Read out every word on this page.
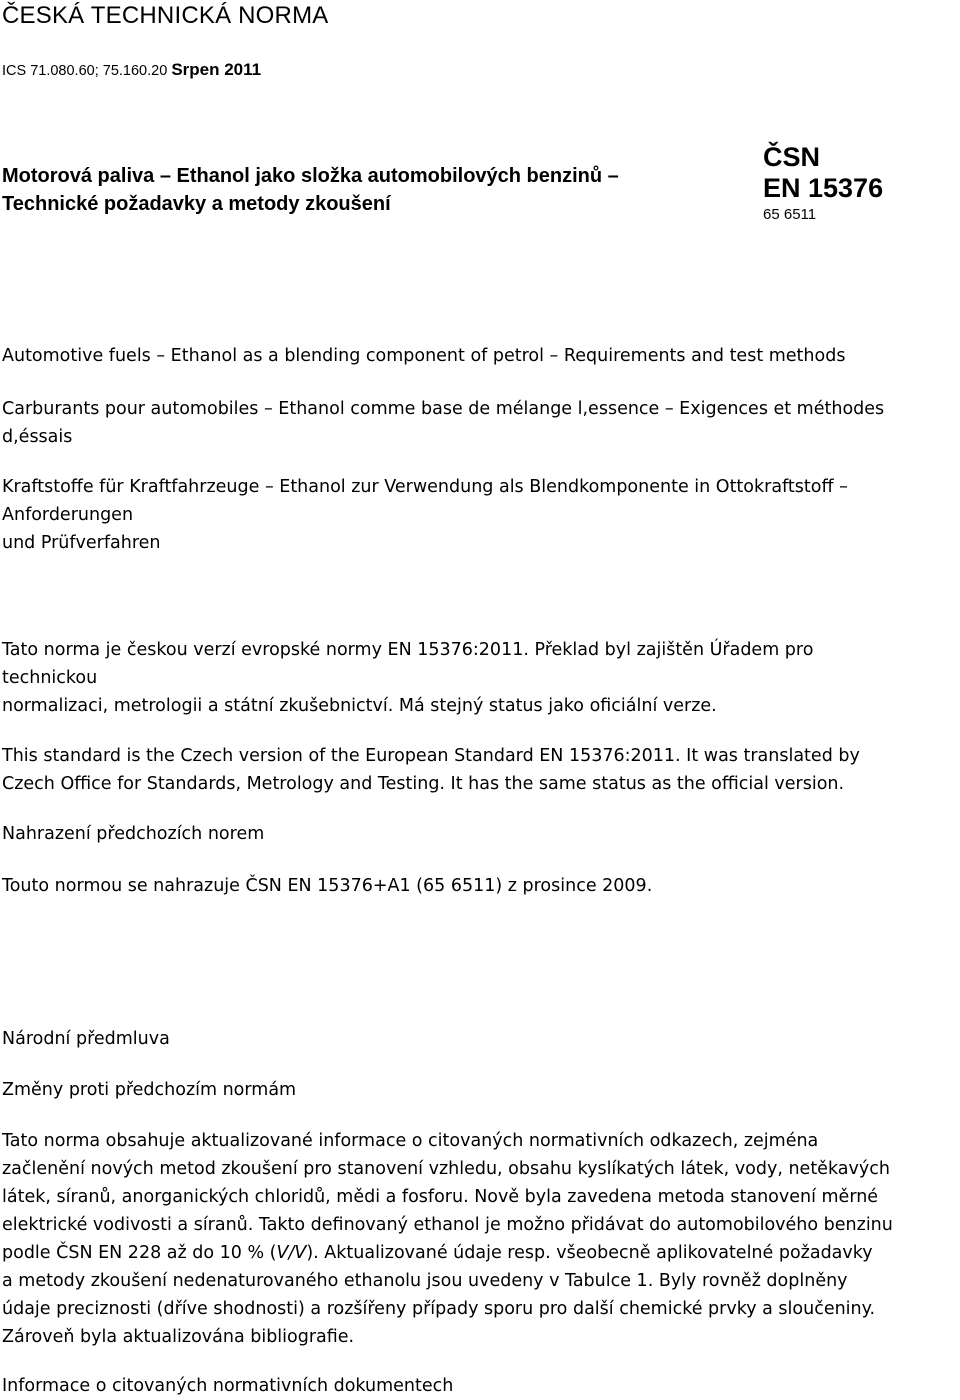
ČESKÁ TECHNICKÁ NORMA

ICS 71.080.60; 75.160.20 Srpen 2011

Motorová paliva – Ethanol jako složka automobilových benzinů –
Technické požadavky a metody zkoušení

ČSN
EN 15376
65 6511

Automotive fuels – Ethanol as a blending component of petrol – Requirements and test methods

Carburants pour automobiles – Ethanol comme base de mélange l,essence – Exigences et méthodes
d,éssais

Kraftstoffe für Kraftfahrzeuge – Ethanol zur Verwendung als Blendkomponente in Ottokraftstoff –
Anforderungen
und Prüfverfahren

Tato norma je českou verzí evropské normy EN 15376:2011. Překlad byl zajištěn Úřadem pro
technickou
normalizaci, metrologii a státní zkušebnictví. Má stejný status jako oficiální verze.

This standard is the Czech version of the European Standard EN 15376:2011. It was translated by
Czech Office for Standards, Metrology and Testing. It has the same status as the official version.

Nahrazení předchozích norem

Touto normou se nahrazuje ČSN EN 15376+A1 (65 6511) z prosince 2009.

Národní předmluva

Změny proti předchozím normám

Tato norma obsahuje aktualizované informace o citovaných normativních odkazech, zejména
začlenění nových metod zkoušení pro stanovení vzhledu, obsahu kyslíkatých látek, vody, netěkavých
látek, síranů, anorganických chloridů, mědi a fosforu. Nově byla zavedena metoda stanovení měrné
elektrické vodivosti a síranů. Takto definovaný ethanol je možno přidávat do automobilového benzinu
podle ČSN EN 228 až do 10 % (V/V). Aktualizované údaje resp. všeobecně aplikovatelné požadavky
a metody zkoušení nedenaturovaného ethanolu jsou uvedeny v Tabulce 1. Byly rovněž doplněny
údaje preciznosti (dříve shodnosti) a rozšířeny případy sporu pro další chemické prvky a sloučeniny.
Zároveň byla aktualizována bibliografie.

Informace o citovaných normativních dokumentech
